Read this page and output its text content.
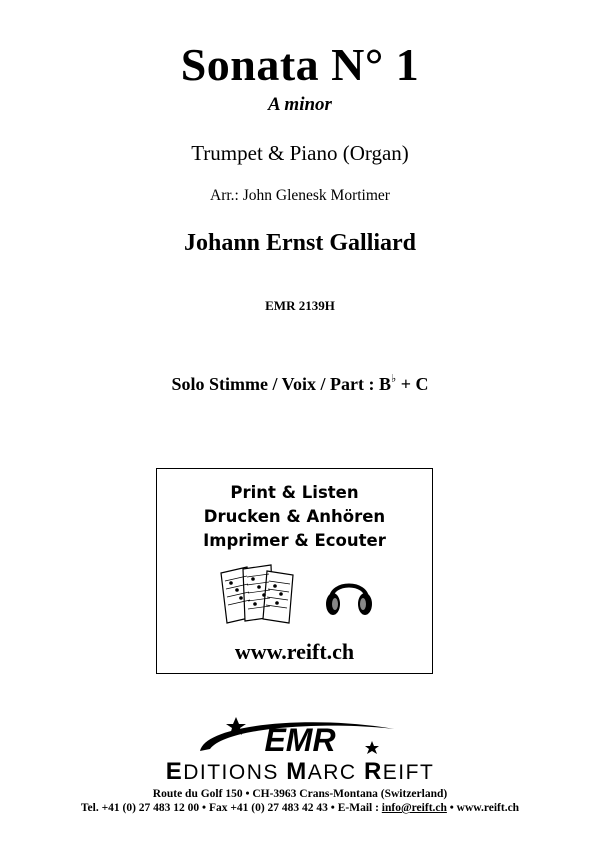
Sonata N° 1
A minor
Trumpet & Piano (Organ)
Arr.: John Glenesk Mortimer
Johann Ernst Galliard
EMR 2139H
Solo Stimme / Voix / Part : B♭ + C
Print & Listen
Drucken & Anhören
Imprimer & Ecouter
www.reift.ch
EMR
EDITIONS MARC REIFT
Route du Golf 150 • CH-3963 Crans-Montana (Switzerland)
Tel. +41 (0) 27 483 12 00 • Fax +41 (0) 27 483 42 43 • E-Mail : info@reift.ch • www.reift.ch
